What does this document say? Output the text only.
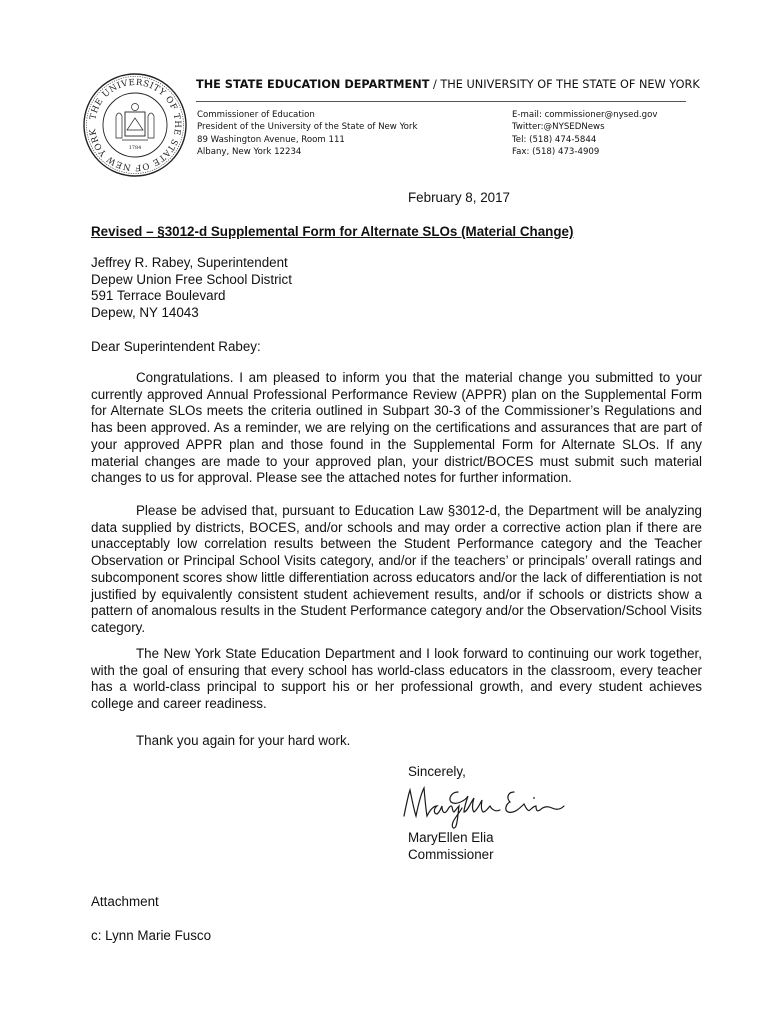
THE UNIVERSITY OF THE STATE OF NEW YORK
1784
THE STATE EDUCATION DEPARTMENT / THE UNIVERSITY OF THE STATE OF NEW YORK
Commissioner of Education
President of the University of the State of New York
89 Washington Avenue, Room 111
Albany, New York 12234
E-mail: commissioner@nysed.gov
Twitter:@NYSEDNews
Tel: (518) 474-5844
Fax: (518) 473-4909
February 8, 2017
Revised – §3012-d Supplemental Form for Alternate SLOs (Material Change)
Jeffrey R. Rabey, Superintendent
Depew Union Free School District
591 Terrace Boulevard
Depew, NY 14043
Dear Superintendent Rabey:
Congratulations. I am pleased to inform you that the material change you submitted to your currently approved Annual Professional Performance Review (APPR) plan on the Supplemental Form for Alternate SLOs meets the criteria outlined in Subpart 30-3 of the Commissioner’s Regulations and has been approved. As a reminder, we are relying on the certifications and assurances that are part of your approved APPR plan and those found in the Supplemental Form for Alternate SLOs. If any material changes are made to your approved plan, your district/BOCES must submit such material changes to us for approval. Please see the attached notes for further information.
Please be advised that, pursuant to Education Law §3012-d, the Department will be analyzing data supplied by districts, BOCES, and/or schools and may order a corrective action plan if there are unacceptably low correlation results between the Student Performance category and the Teacher Observation or Principal School Visits category, and/or if the teachers’ or principals’ overall ratings and subcomponent scores show little differentiation across educators and/or the lack of differentiation is not justified by equivalently consistent student achievement results, and/or if schools or districts show a pattern of anomalous results in the Student Performance category and/or the Observation/School Visits category.
The New York State Education Department and I look forward to continuing our work together, with the goal of ensuring that every school has world-class educators in the classroom, every teacher has a world-class principal to support his or her professional growth, and every student achieves college and career readiness.
Thank you again for your hard work.
Sincerely,
MaryEllen Elia
Commissioner
Attachment
c: Lynn Marie Fusco
